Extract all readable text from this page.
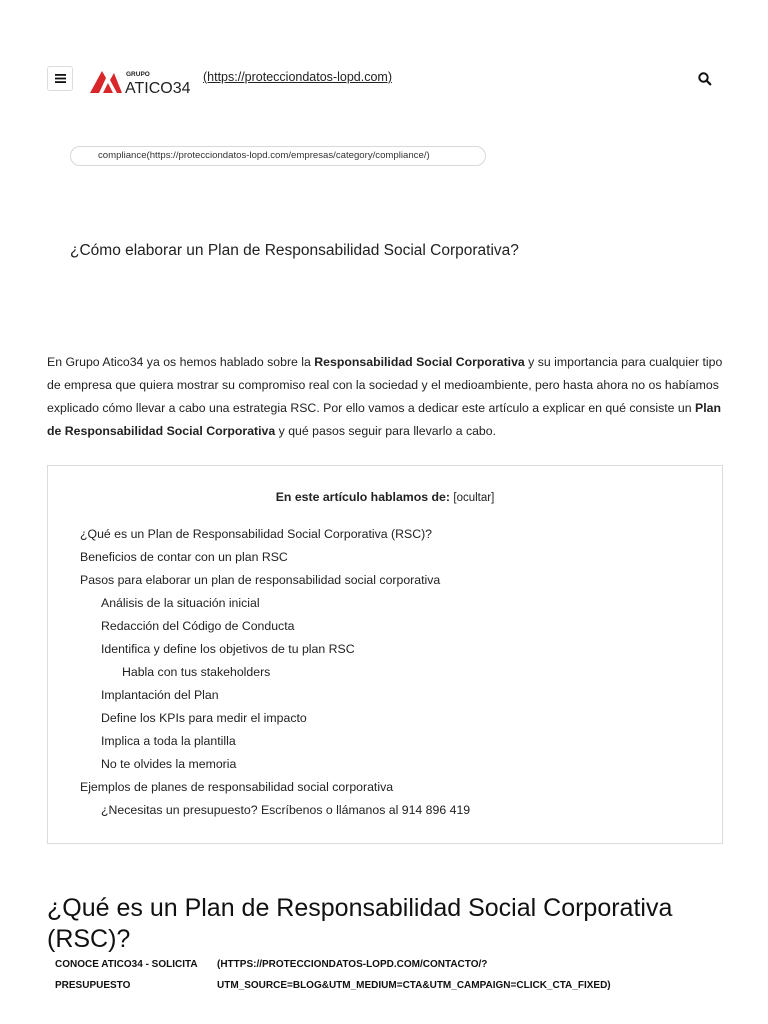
GRUPO
ATICO34
(https://protecciondatos-lopd.com)
compliance(https://protecciondatos-lopd.com/empresas/category/compliance/)
¿Cómo elaborar un Plan de Responsabilidad Social Corporativa?

En Grupo Atico34 ya os hemos hablado sobre la Responsabilidad Social Corporativa y su importancia para cualquier tipo de empresa que quiera mostrar su compromiso real con la sociedad y el medioambiente, pero hasta ahora no os habíamos explicado cómo llevar a cabo una estrategia RSC. Por ello vamos a dedicar este artículo a explicar en qué consiste un Plan de Responsabilidad Social Corporativa y qué pasos seguir para llevarlo a cabo.

En este artículo hablamos de: [ocultar]
¿Qué es un Plan de Responsabilidad Social Corporativa (RSC)?
Beneficios de contar con un plan RSC
Pasos para elaborar un plan de responsabilidad social corporativa
Análisis de la situación inicial
Redacción del Código de Conducta
Identifica y define los objetivos de tu plan RSC
Habla con tus stakeholders
Implantación del Plan
Define los KPIs para medir el impacto
Implica a toda la plantilla
No te olvides la memoria
Ejemplos de planes de responsabilidad social corporativa
¿Necesitas un presupuesto? Escríbenos o llámanos al 914 896 419
¿Qué es un Plan de Responsabilidad Social Corporativa (RSC)?
CONOCE ATICO34 - SOLICITA PRESUPUESTO
(HTTPS://PROTECCIONDATOS-LOPD.COM/CONTACTO/?UTM_SOURCE=BLOG&UTM_MEDIUM=CTA&UTM_CAMPAIGN=CLICK_CTA_FIXED)
